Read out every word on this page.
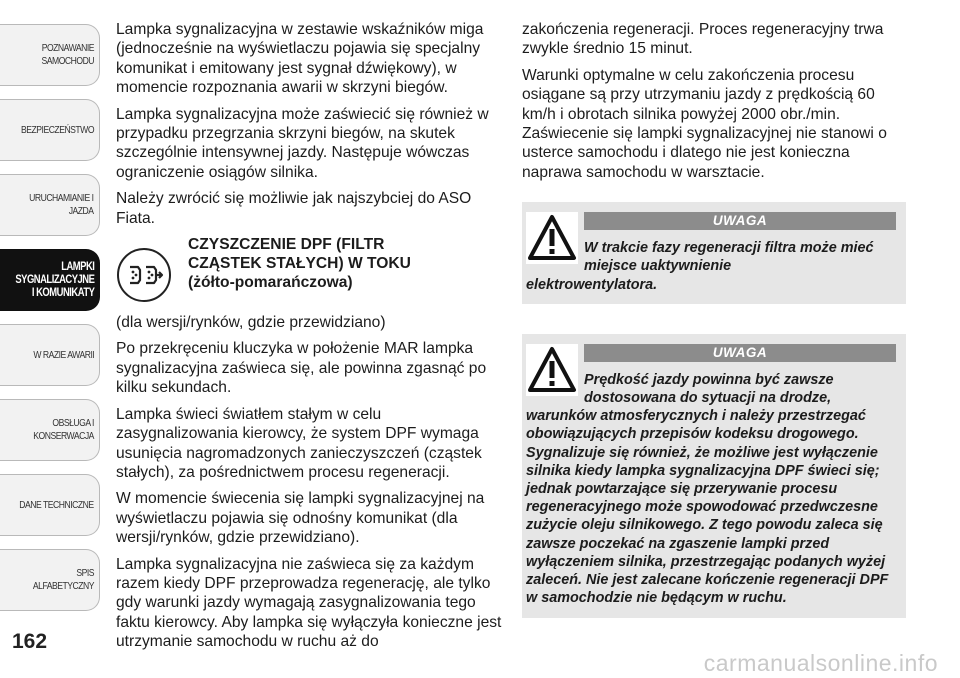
POZNAWANIE
SAMOCHODU
BEZPIECZEŃSTWO
URUCHAMIANIE I
JAZDA
LAMPKI
SYGNALIZACYJNE
I KOMUNIKATY
W RAZIE AWARII
OBSŁUGA I
KONSERWACJA
DANE TECHNICZNE
SPIS ALFABETYCZNY
162

Lampka sygnalizacyjna w zestawie wskaźników miga (jednocześnie na wyświetlaczu pojawia się specjalny komunikat i emitowany jest sygnał dźwiękowy), w momencie rozpoznania awarii w skrzyni biegów.

Lampka sygnalizacyjna może zaświecić się również w przypadku przegrzania skrzyni biegów, na skutek szczególnie intensywnej jazdy. Następuje wówczas ograniczenie osiągów silnika.

Należy zwrócić się możliwie jak najszybciej do ASO Fiata.

CZYSZCZENIE DPF (FILTR
CZĄSTEK STAŁYCH) W TOKU
(żółto-pomarańczowa)

(dla wersji/rynków, gdzie przewidziano)

Po przekręceniu kluczyka w położenie MAR lampka sygnalizacyjna zaświeca się, ale powinna zgasnąć po kilku sekundach.

Lampka świeci światłem stałym w celu zasygnalizowania kierowcy, że system DPF wymaga usunięcia nagromadzonych zanieczyszczeń (cząstek stałych), za pośrednictwem procesu regeneracji.

W momencie świecenia się lampki sygnalizacyjnej na wyświetlaczu pojawia się odnośny komunikat (dla wersji/rynków, gdzie przewidziano).

Lampka sygnalizacyjna nie zaświeca się za każdym razem kiedy DPF przeprowadza regenerację, ale tylko gdy warunki jazdy wymagają zasygnalizowania tego faktu kierowcy. Aby lampka się wyłączyła konieczne jest utrzymanie samochodu w ruchu aż do

zakończenia regeneracji. Proces regeneracyjny trwa zwykle średnio 15 minut.

Warunki optymalne w celu zakończenia procesu osiągane są przy utrzymaniu jazdy z prędkością 60 km/h i obrotach silnika powyżej 2000 obr./min. Zaświecenie się lampki sygnalizacyjnej nie stanowi o usterce samochodu i dlatego nie jest konieczna naprawa samochodu w warsztacie.

UWAGA
W trakcie fazy regeneracji filtra może mieć miejsce uaktywnienie
elektrowentylatora.
UWAGA
Prędkość jazdy powinna być zawsze dostosowana do sytuacji na drodze,
warunków atmosferycznych i należy przestrzegać obowiązujących przepisów kodeksu drogowego. Sygnalizuje się również, że możliwe jest wyłączenie silnika kiedy lampka sygnalizacyjna DPF świeci się; jednak powtarzające się przerywanie procesu regeneracyjnego może spowodować przedwczesne zużycie oleju silnikowego. Z tego powodu zaleca się zawsze poczekać na zgaszenie lampki przed wyłączeniem silnika, przestrzegając podanych wyżej zaleceń. Nie jest zalecane kończenie regeneracji DPF w samochodzie nie będącym w ruchu.
carmanualsonline.info
